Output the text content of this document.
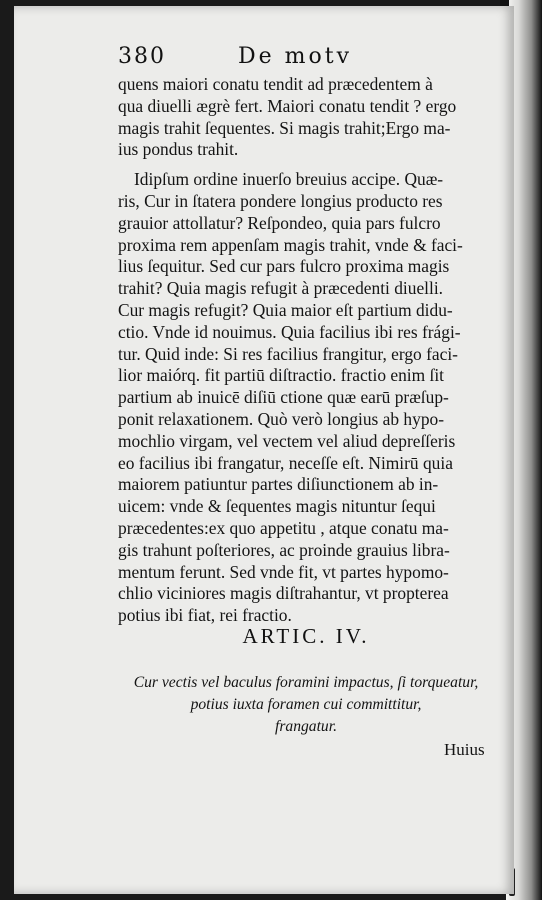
380	De motv
quens maiori conatu tendit ad præcedentem à
qua diuelli ægrè fert. Maiori conatu tendit ? ergo
magis trahit ſequentes. Si magis trahit;Ergo ma-
ius pondus trahit.
Idipſum ordine inuerſo breuius accipe. Quæ-
ris, Cur in ſtatera pondere longius producto res
grauior attollatur? Reſpondeo, quia pars fulcro
proxima rem appenſam magis trahit, vnde & faci-
lius ſequitur. Sed cur pars fulcro proxima magis
trahit? Quia magis refugit à præcedenti diuelli.
Cur magis refugit? Quia maior eſt partium didu-
ctio. Vnde id nouimus. Quia facilius ibi res frági-
tur. Quid inde: Si res facilius frangitur, ergo faci-
lior maiórq. fit partiū diſtractio. fractio enim ſit
partium ab inuicē diſiū ctione quæ earū præſup-
ponit relaxationem. Quò verò longius ab hypo-
mochlio virgam, vel vectem vel aliud depreſſeris
eo facilius ibi frangatur, neceſſe eſt. Nimirū quia
maiorem patiuntur partes diſiunctionem ab in-
uicem: vnde & ſequentes magis nituntur ſequi
præcedentes:ex quo appetitu , atque conatu ma-
gis trahunt poſteriores, ac proinde grauius libra-
mentum ferunt. Sed vnde fit, vt partes hypomo-
chlio viciniores magis diſtrahantur, vt propterea
potius ibi fiat, rei fractio.
ARTIC. IV.
Cur vectis vel baculus foramini impactus, ſi torqueatur,
potius iuxta foramen cui committitur,
frangatur.
Huius
